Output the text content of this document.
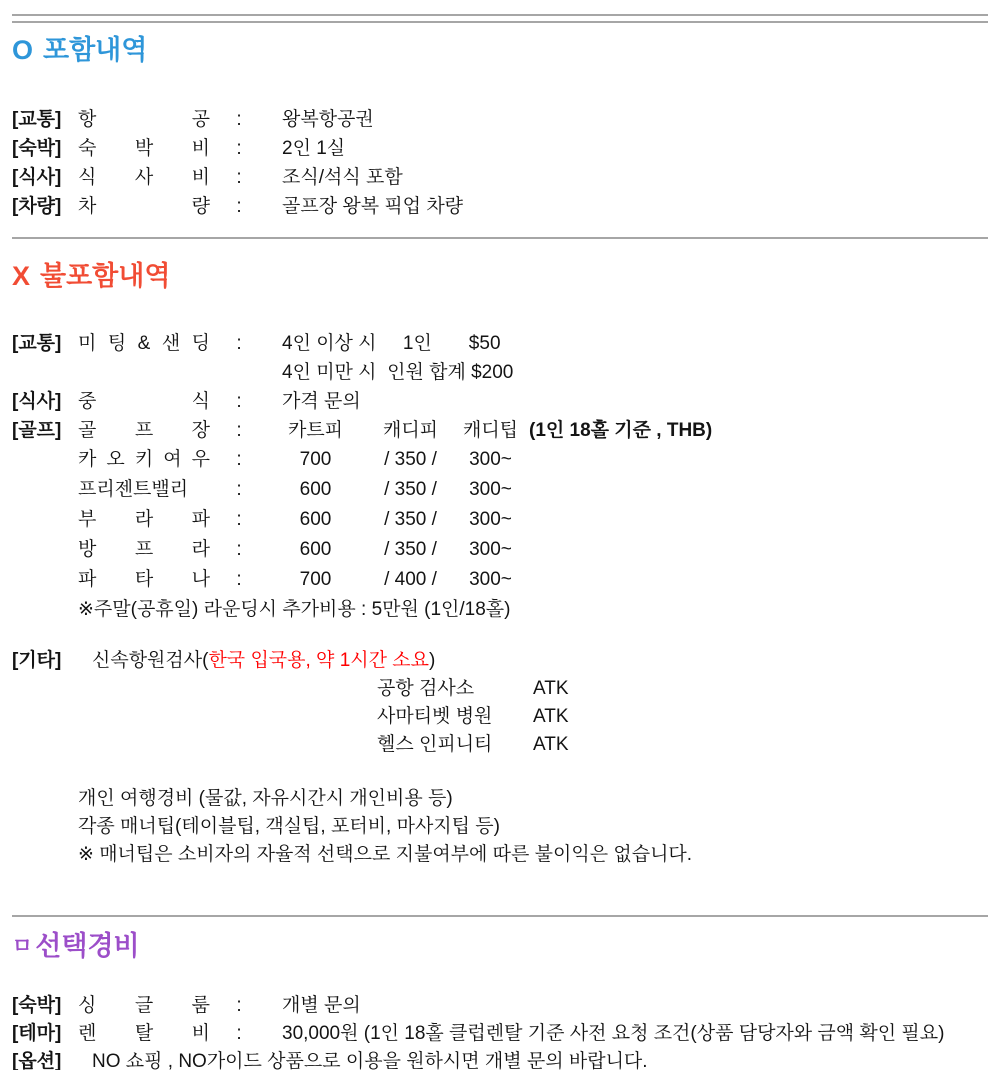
O 포함내역
[교통] 항 공	:	왕복항공권
[숙박] 숙 박 비	:	2인 1실
[식사] 식 사 비	:	조식/석식 포함
[차량] 차 량	:	골프장 왕복 픽업 차량
X 불포함내역
[교통] 미 팅 & 샌 딩	:	4인 이상 시     1인       $50
4인 미만 시  인원 합계 $200
[식사] 중 식	:	가격 문의
[골프] 골 프 장	:	카트피	캐디피	캐디팁 (1인 18홀 기준 , THB)
카 오 키 여 우	:	700	/ 350 /	300~
프리젠트밸리	:	600	/ 350 /	300~
부 라 파	:	600	/ 350 /	300~
방 프 라	:	600	/ 350 /	300~
파 타 나	:	700	/ 400 /	300~
※주말(공휴일) 라운딩시 추가비용 : 5만원 (1인/18홀)
[기타]	신속항원검사(한국 입국용, 약 1시간 소요)
공항 검사소	ATK
사마티벳 병원	ATK
헬스 인피니티	ATK
개인 여행경비 (물값, 자유시간시 개인비용 등)
각종 매너팁(테이블팁, 객실팁, 포터비, 마사지팁 등)
※ 매너팁은 소비자의 자율적 선택으로 지불여부에 따른 불이익은 없습니다.
ㅁ 선택경비
[숙박] 싱 글 룸	:	개별 문의
[테마] 렌 탈 비	:	30,000원 (1인 18홀 클럽렌탈 기준 사전 요청 조건(상품 담당자와 금액 확인 필요)
[옵션]	NO 쇼핑 , NO가이드 상품으로 이용을 원하시면 개별 문의 바랍니다.
